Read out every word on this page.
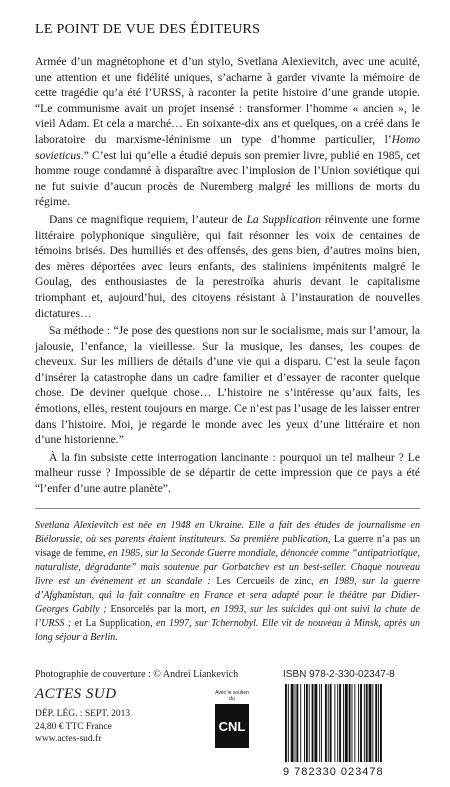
LE POINT DE VUE DES ÉDITEURS

Armée d’un magnétophone et d’un stylo, Svetlana Alexievitch, avec une acuité, une attention et une fidélité uniques, s’acharne à garder vivante la mémoire de cette tragédie qu’a été l’URSS, à raconter la petite histoire d’une grande utopie. “Le communisme avait un projet insensé : transformer l’homme « ancien », le vieil Adam. Et cela a marché… En soixante-dix ans et quelques, on a créé dans le laboratoire du marxisme-léninisme un type d’homme particulier, l’Homo sovieticus.” C’est lui qu’elle a étudié depuis son premier livre, publié en 1985, cet homme rouge condamné à disparaître avec l’implosion de l’Union soviétique qui ne fut suivie d’aucun procès de Nuremberg malgré les millions de morts du régime.

Dans ce magnifique requiem, l’auteur de La Supplication réinvente une forme littéraire polyphonique singulière, qui fait résonner les voix de centaines de témoins brisés. Des humiliés et des offensés, des gens bien, d’autres moins bien, des mères déportées avec leurs enfants, des staliniens impénitents malgré le Goulag, des enthousiastes de la perestroïka ahuris devant le capitalisme triomphant et, aujourd’hui, des citoyens résistant à l’instauration de nouvelles dictatures…

Sa méthode : “Je pose des questions non sur le socialisme, mais sur l’amour, la jalousie, l’enfance, la vieillesse. Sur la musique, les danses, les coupes de cheveux. Sur les milliers de détails d’une vie qui a disparu. C’est la seule façon d’insérer la catastrophe dans un cadre familier et d’essayer de raconter quelque chose. De deviner quelque chose… L’histoire ne s’intéresse qu’aux faits, les émotions, elles, restent toujours en marge. Ce n’est pas l’usage de les laisser entrer dans l’histoire. Moi, je regarde le monde avec les yeux d’une littéraire et non d’une historienne.”

À la fin subsiste cette interrogation lancinante : pourquoi un tel malheur ? Le malheur russe ? Impossible de se départir de cette impression que ce pays a été “l’enfer d’une autre planète”.

Svetlana Alexievitch est née en 1948 en Ukraine. Elle a fait des études de journalisme en Biélorussie, où ses parents étaient instituteurs. Sa première publication, La guerre n’a pas un visage de femme, en 1985, sur la Seconde Guerre mondiale, dénoncée comme “antipatriotique, naturaliste, dégradante” mais soutenue par Gorbatchev est un best-seller. Chaque nouveau livre est un événement et un scandale : Les Cercueils de zinc, en 1989, sur la guerre d’Afghanistan, qui la fait connaître en France et sera adapté pour le théâtre par Didier-Georges Gabily ; Ensorcelés par la mort, en 1993, sur les suicides qui ont suivi la chute de l’URSS ; et La Supplication, en 1997, sur Tchernobyl. Elle vit de nouveau à Minsk, après un long séjour à Berlin.

Photographie de couverture : © Andrei Liankevich	ISBN 978-2-330-02347-8
ACTES SUD
DÉP. LÉG. : SEPT. 2013
24,80 € TTC France
www.actes-sud.fr
Avec le soutien du
CNL
9 782330 023478
